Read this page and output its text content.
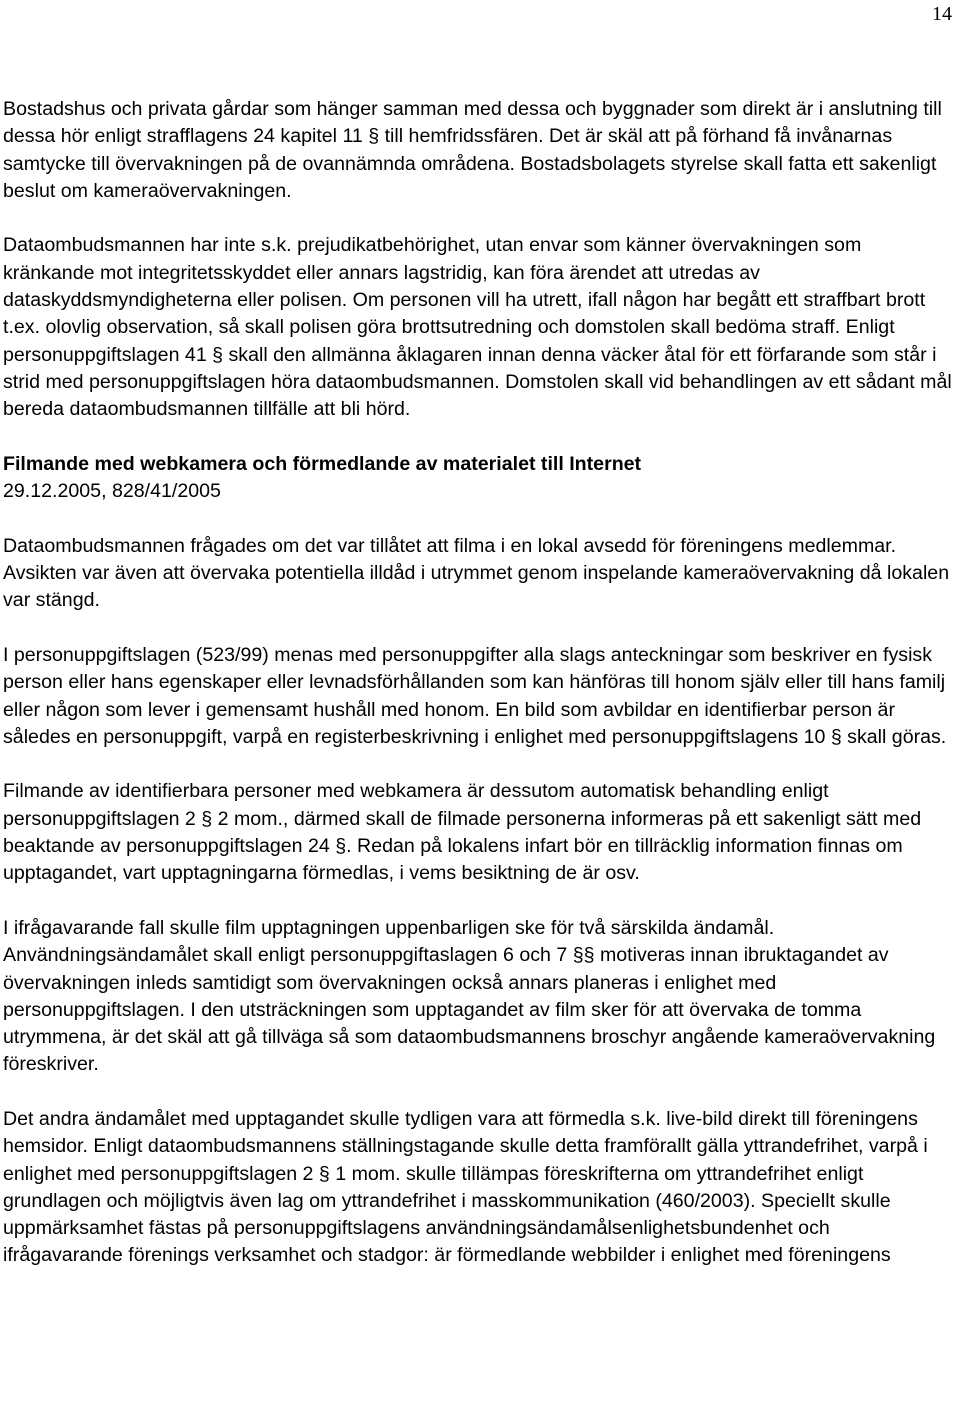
14

Bostadshus och privata gårdar som hänger samman med dessa och byggnader som direkt är i anslutning till dessa hör enligt strafflagens 24 kapitel 11 § till hemfridssfären. Det är skäl att på förhand få invånarnas samtycke till övervakningen på de ovannämnda områdena. Bostadsbolagets styrelse skall fatta ett sakenligt beslut om kameraövervakningen.

Dataombudsmannen har inte s.k. prejudikatbehörighet, utan envar som känner övervakningen som kränkande mot integritetsskyddet eller annars lagstridig, kan föra ärendet att utredas av dataskyddsmyndigheterna eller polisen. Om personen vill ha utrett, ifall någon har begått ett straffbart brott t.ex. olovlig observation, så skall polisen göra brottsutredning och domstolen skall bedöma straff. Enligt personuppgiftslagen 41 § skall den allmänna åklagaren innan denna väcker åtal för ett förfarande som står i strid med personuppgiftslagen höra dataombudsmannen. Domstolen skall vid behandlingen av ett sådant mål bereda dataombudsmannen tillfälle att bli hörd.

Filmande med webkamera och förmedlande av materialet till Internet

29.12.2005, 828/41/2005

Dataombudsmannen frågades om det var tillåtet att filma i en lokal avsedd för föreningens medlemmar. Avsikten var även att övervaka potentiella illdåd i utrymmet genom inspelande kameraövervakning då lokalen var stängd.

I personuppgiftslagen (523/99) menas med personuppgifter alla slags anteckningar som beskriver en fysisk person eller hans egenskaper eller levnadsförhållanden som kan hänföras till honom själv eller till hans familj eller någon som lever i gemensamt hushåll med honom. En bild som avbildar en identifierbar person är således en personuppgift, varpå en registerbeskrivning i enlighet med personuppgiftslagens 10 § skall göras.

Filmande av identifierbara personer med webkamera är dessutom automatisk behandling enligt personuppgiftslagen 2 § 2 mom., därmed skall de filmade personerna informeras på ett sakenligt sätt med beaktande av personuppgiftslagen 24 §. Redan på lokalens infart bör en tillräcklig information finnas om upptagandet, vart upptagningarna förmedlas, i vems besiktning de är osv.

I ifrågavarande fall skulle film upptagningen uppenbarligen ske för två särskilda ändamål. Användningsändamålet skall enligt personuppgiftaslagen 6 och 7 §§ motiveras innan ibruktagandet av övervakningen inleds samtidigt som övervakningen också annars planeras i enlighet med personuppgiftslagen. I den utsträckningen som upptagandet av film sker för att övervaka de tomma utrymmena, är det skäl att gå tillväga så som dataombudsmannens broschyr angående kameraövervakning föreskriver.

Det andra ändamålet med upptagandet skulle tydligen vara att förmedla s.k. live-bild direkt till föreningens hemsidor. Enligt dataombudsmannens ställningstagande skulle detta framförallt gälla yttrandefrihet, varpå i enlighet med personuppgiftslagen 2 § 1 mom. skulle tillämpas föreskrifterna om yttrandefrihet enligt grundlagen och möjligtvis även lag om yttrandefrihet i masskommunikation (460/2003). Speciellt skulle uppmärksamhet fästas på personuppgiftslagens användningsändamålsenlighetsbundenhet och ifrågavarande förenings verksamhet och stadgor: är förmedlande webbilder i enlighet med föreningens
